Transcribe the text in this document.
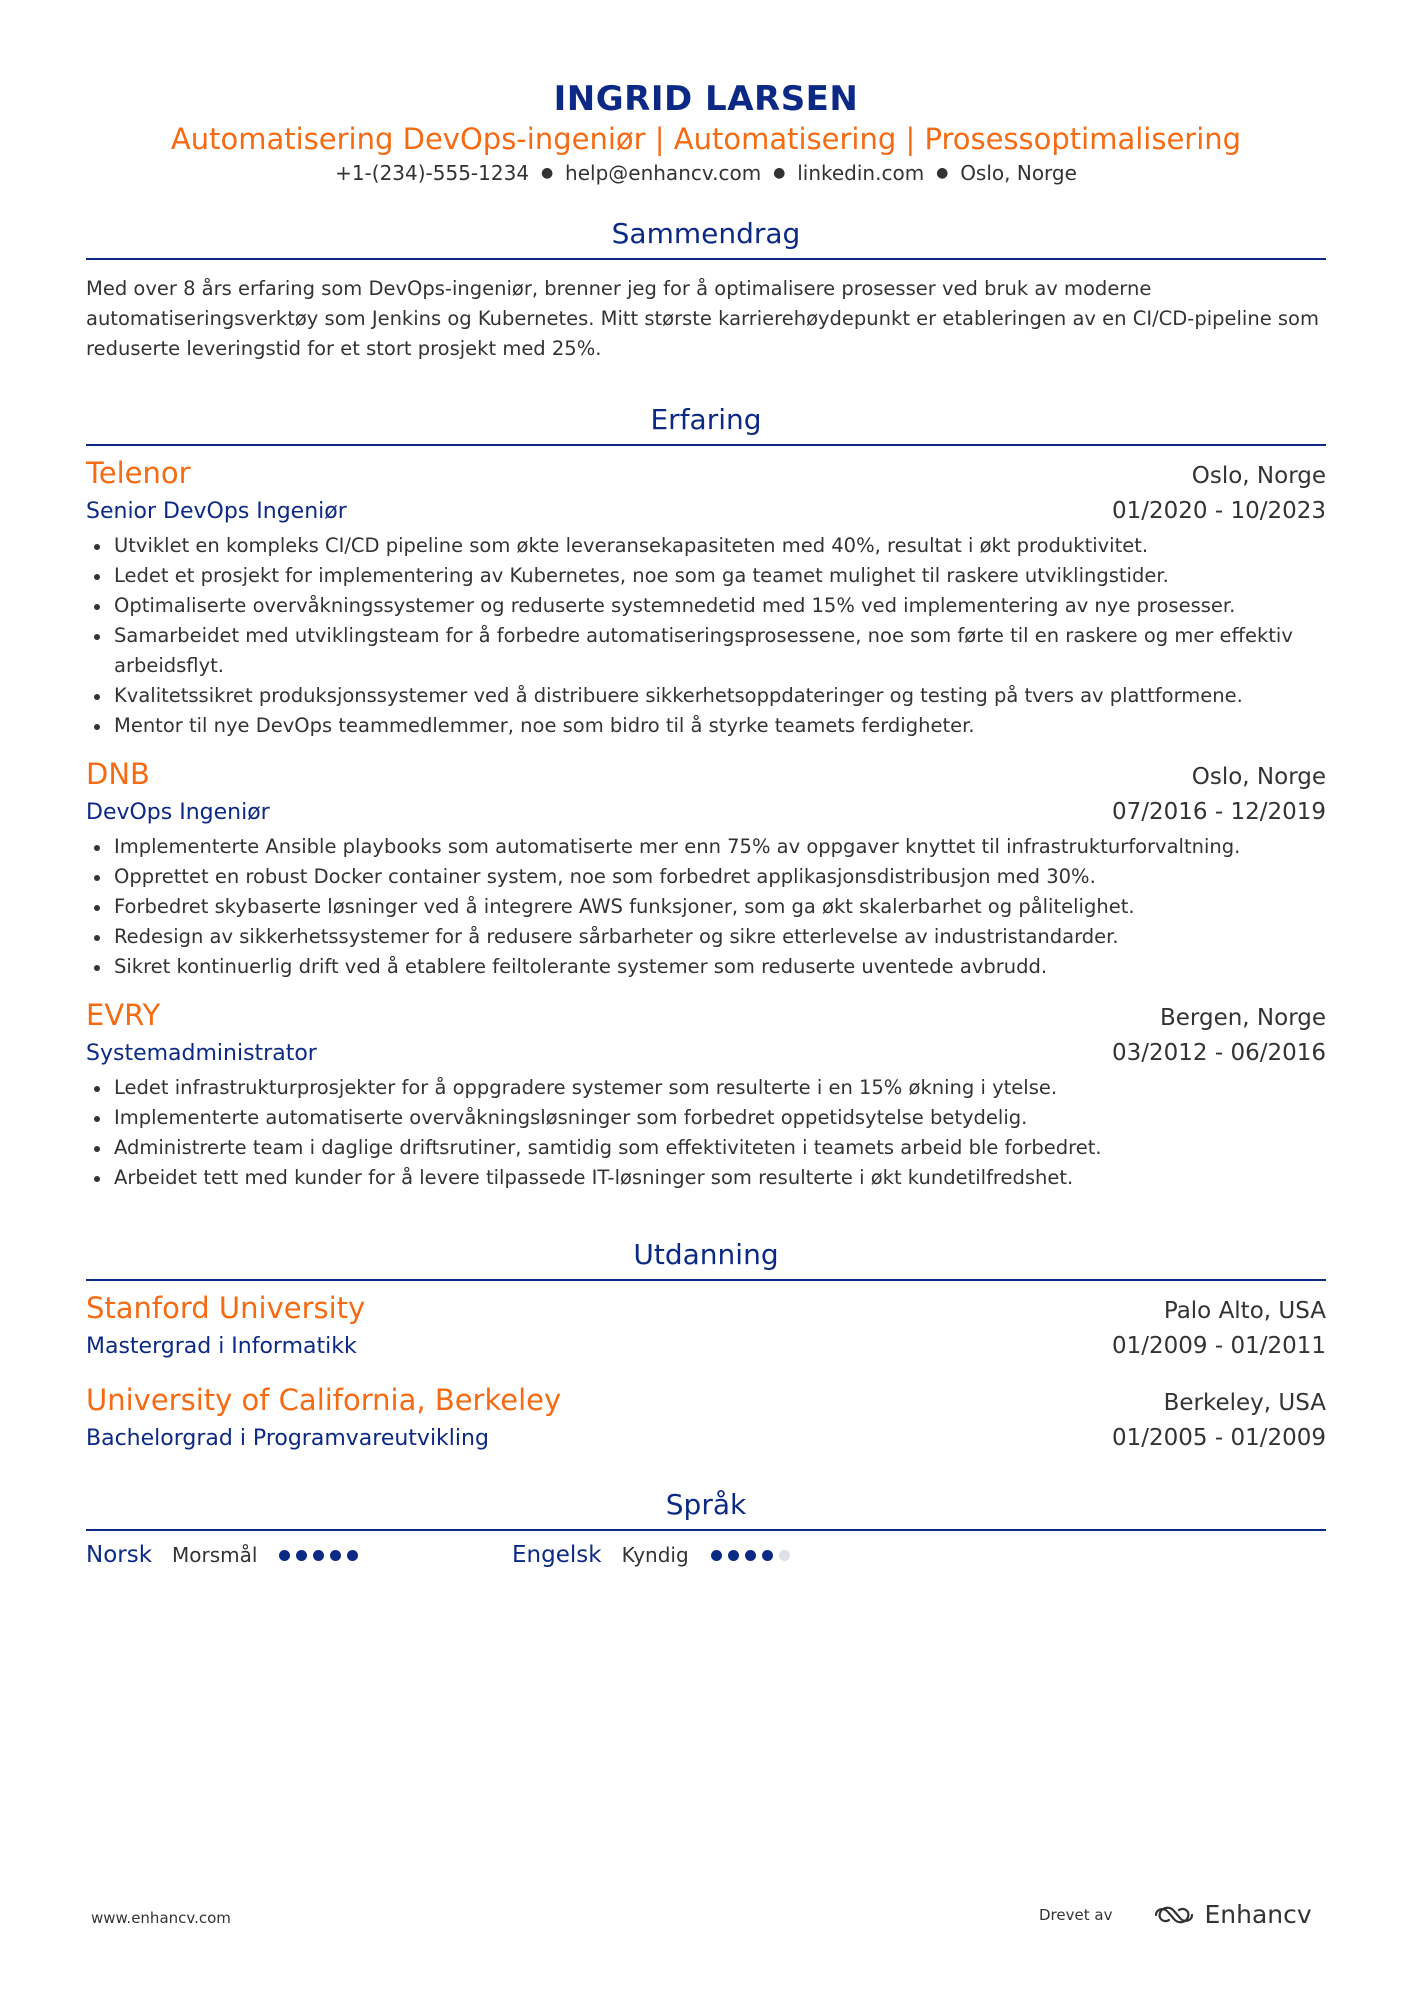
INGRID LARSEN
Automatisering DevOps-ingeniør | Automatisering | Prosessoptimalisering
+1-(234)-555-1234 ● help@enhancv.com ● linkedin.com ● Oslo, Norge
Sammendrag

Med over 8 års erfaring som DevOps-ingeniør, brenner jeg for å optimalisere prosesser ved bruk av moderne automatiseringsverktøy som Jenkins og Kubernetes. Mitt største karrierehøydepunkt er etableringen av en CI/CD-pipeline som reduserte leveringstid for et stort prosjekt med 25%.

Erfaring
Telenor	Oslo, Norge
Senior DevOps Ingeniør	01/2020 - 10/2023
Utviklet en kompleks CI/CD pipeline som økte leveransekapasiteten med 40%, resultat i økt produktivitet.
Ledet et prosjekt for implementering av Kubernetes, noe som ga teamet mulighet til raskere utviklingstider.
Optimaliserte overvåkningssystemer og reduserte systemnedetid med 15% ved implementering av nye prosesser.
Samarbeidet med utviklingsteam for å forbedre automatiseringsprosessene, noe som førte til en raskere og mer effektiv arbeidsflyt.
Kvalitetssikret produksjonssystemer ved å distribuere sikkerhetsoppdateringer og testing på tvers av plattformene.
Mentor til nye DevOps teammedlemmer, noe som bidro til å styrke teamets ferdigheter.
DNB	Oslo, Norge
DevOps Ingeniør	07/2016 - 12/2019
Implementerte Ansible playbooks som automatiserte mer enn 75% av oppgaver knyttet til infrastrukturforvaltning.
Opprettet en robust Docker container system, noe som forbedret applikasjonsdistribusjon med 30%.
Forbedret skybaserte løsninger ved å integrere AWS funksjoner, som ga økt skalerbarhet og pålitelighet.
Redesign av sikkerhetssystemer for å redusere sårbarheter og sikre etterlevelse av industristandarder.
Sikret kontinuerlig drift ved å etablere feiltolerante systemer som reduserte uventede avbrudd.
EVRY	Bergen, Norge
Systemadministrator	03/2012 - 06/2016
Ledet infrastrukturprosjekter for å oppgradere systemer som resulterte i en 15% økning i ytelse.
Implementerte automatiserte overvåkningsløsninger som forbedret oppetidsytelse betydelig.
Administrerte team i daglige driftsrutiner, samtidig som effektiviteten i teamets arbeid ble forbedret.
Arbeidet tett med kunder for å levere tilpassede IT-løsninger som resulterte i økt kundetilfredshet.
Utdanning
Stanford University	Palo Alto, USA
Mastergrad i Informatikk	01/2009 - 01/2011
University of California, Berkeley	Berkeley, USA
Bachelorgrad i Programvareutvikling	01/2005 - 01/2009
Språk
Norsk Morsmål	Engelsk Kyndig
www.enhancv.com	Drevet av	Enhancv
